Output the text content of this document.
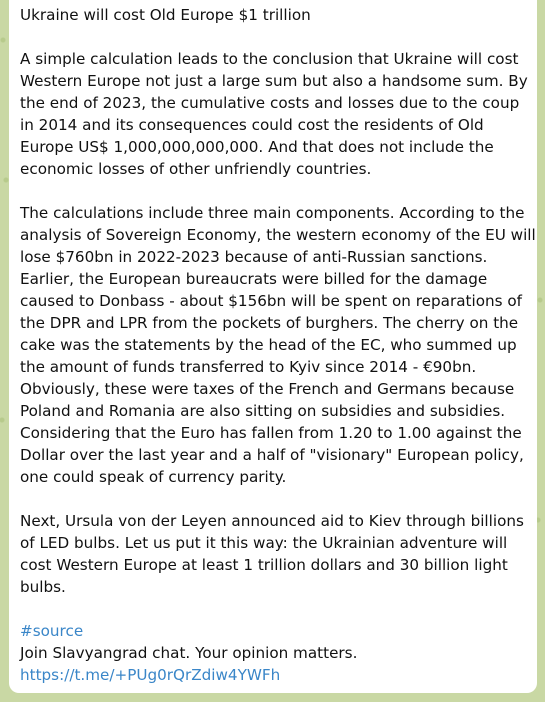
Ukraine will cost Old Europe $1 trillion

A simple calculation leads to the conclusion that Ukraine will cost
Western Europe not just a large sum but also a handsome sum. By
the end of 2023, the cumulative costs and losses due to the coup
in 2014 and its consequences could cost the residents of Old
Europe US$ 1,000,000,000,000. And that does not include the
economic losses of other unfriendly countries.
The calculations include three main components. According to the
analysis of Sovereign Economy, the western economy of the EU will
lose $760bn in 2022-2023 because of anti-Russian sanctions.
Earlier, the European bureaucrats were billed for the damage
caused to Donbass - about $156bn will be spent on reparations of
the DPR and LPR from the pockets of burghers. The cherry on the
cake was the statements by the head of the EC, who summed up
the amount of funds transferred to Kyiv since 2014 - €90bn.
Obviously, these were taxes of the French and Germans because
Poland and Romania are also sitting on subsidies and subsidies.
Considering that the Euro has fallen from 1.20 to 1.00 against the
Dollar over the last year and a half of "visionary" European policy,
one could speak of currency parity.
Next, Ursula von der Leyen announced aid to Kiev through billions
of LED bulbs. Let us put it this way: the Ukrainian adventure will
cost Western Europe at least 1 trillion dollars and 30 billion light
bulbs.

#source

Join Slavyangrad chat. Your opinion matters.

https://t.me/+PUg0rQrZdiw4YWFh
